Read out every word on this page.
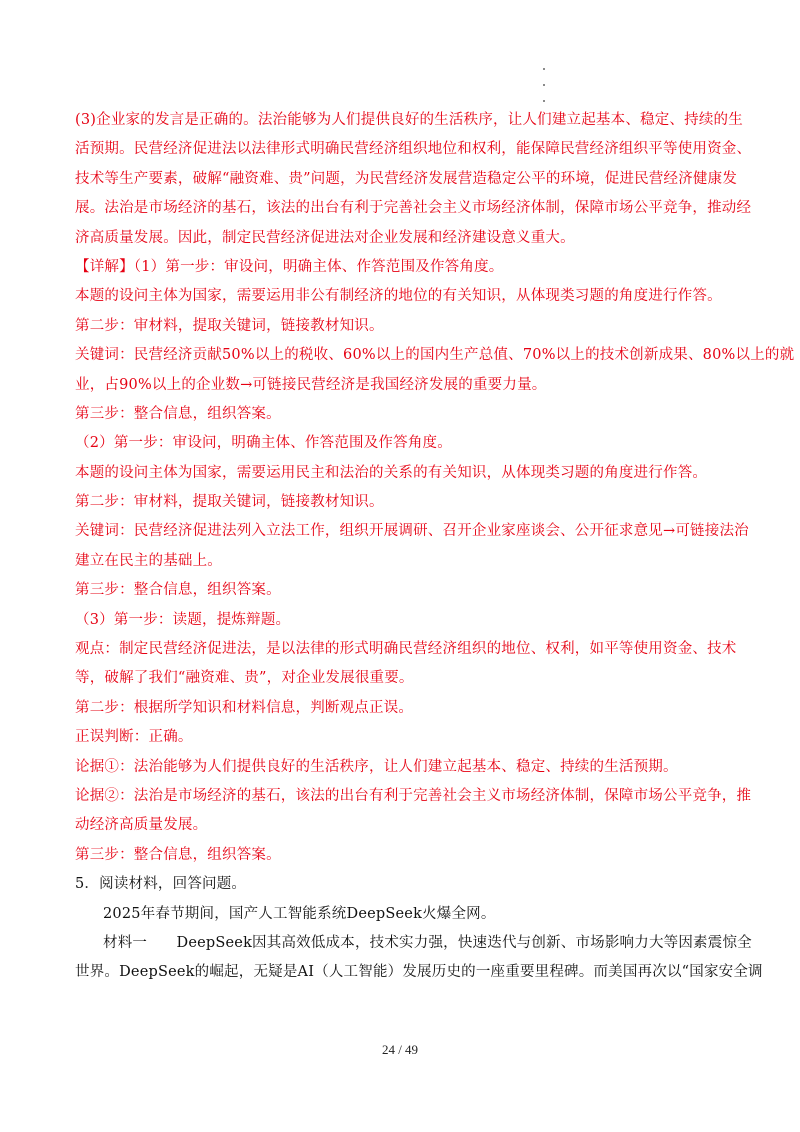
(3)企业家的发言是正确的。法治能够为人们提供良好的生活秩序，让人们建立起基本、稳定、持续的生
活预期。民营经济促进法以法律形式明确民营经济组织地位和权利，能保障民营经济组织平等使用资金、
技术等生产要素，破解“融资难、贵”问题，为民营经济发展营造稳定公平的环境，促进民营经济健康发
展。法治是市场经济的基石，该法的出台有利于完善社会主义市场经济体制，保障市场公平竞争，推动经
济高质量发展。因此，制定民营经济促进法对企业发展和经济建设意义重大。
【详解】（1）第一步：审设问，明确主体、作答范围及作答角度。
本题的设问主体为国家，需要运用非公有制经济的地位的有关知识，从体现类习题的角度进行作答。
第二步：审材料，提取关键词，链接教材知识。
关键词：民营经济贡献50%以上的税收、60%以上的国内生产总值、70%以上的技术创新成果、80%以上的就
业，占90%以上的企业数→可链接民营经济是我国经济发展的重要力量。
第三步：整合信息，组织答案。
（2）第一步：审设问，明确主体、作答范围及作答角度。
本题的设问主体为国家，需要运用民主和法治的关系的有关知识，从体现类习题的角度进行作答。
第二步：审材料，提取关键词，链接教材知识。
关键词：民营经济促进法列入立法工作，组织开展调研、召开企业家座谈会、公开征求意见→可链接法治
建立在民主的基础上。
第三步：整合信息，组织答案。
（3）第一步：读题，提炼辩题。
观点：制定民营经济促进法，是以法律的形式明确民营经济组织的地位、权利，如平等使用资金、技术
等，破解了我们“融资难、贵”，对企业发展很重要。
第二步：根据所学知识和材料信息，判断观点正误。
正误判断：正确。
论据①：法治能够为人们提供良好的生活秩序，让人们建立起基本、稳定、持续的生活预期。
论据②：法治是市场经济的基石，该法的出台有利于完善社会主义市场经济体制，保障市场公平竞争，推
动经济高质量发展。
第三步：整合信息，组织答案。
5．阅读材料，回答问题。
2025年春节期间，国产人工智能系统DeepSeek火爆全网。
材料一　　DeepSeek因其高效低成本，技术实力强，快速迭代与创新、市场影响力大等因素震惊全
世界。DeepSeek的崛起，无疑是AI（人工智能）发展历史的一座重要里程碑。而美国再次以“国家安全调
24 / 49
